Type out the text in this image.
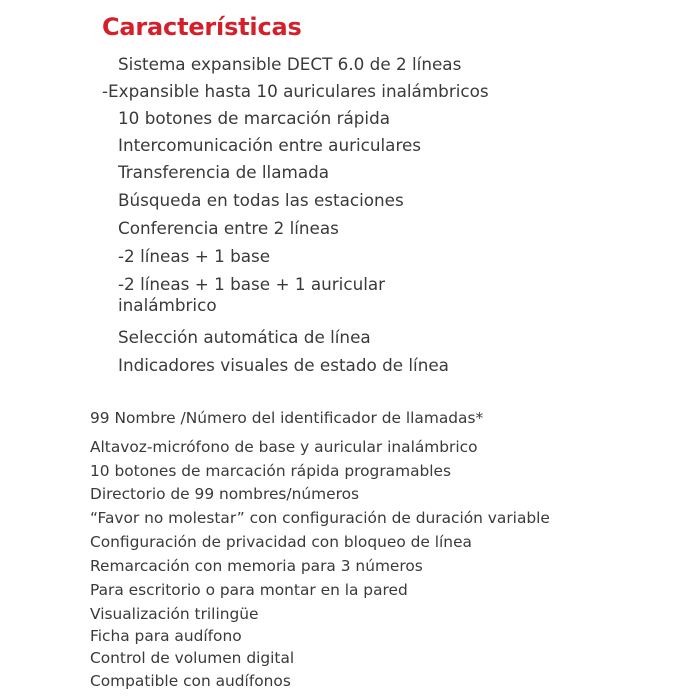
Características
Sistema expansible DECT 6.0 de 2 líneas
-Expansible hasta 10 auriculares inalámbricos
10 botones de marcación rápida
Intercomunicación entre auriculares
Transferencia de llamada
Búsqueda en todas las estaciones
Conferencia entre 2 líneas
-2 líneas + 1 base
-2 líneas + 1 base + 1 auricular inalámbrico
Selección automática de línea
Indicadores visuales de estado de línea
99 Nombre /Número del identificador de llamadas*
Altavoz-micrófono de base y auricular inalámbrico
10 botones de marcación rápida programables
Directorio de 99 nombres/números
“Favor no molestar” con configuración de duración variable
Configuración de privacidad con bloqueo de línea
Remarcación con memoria para 3 números
Para escritorio o para montar en la pared
Visualización trilingüe
Ficha para audífono
Control de volumen digital
Compatible con audífonos
